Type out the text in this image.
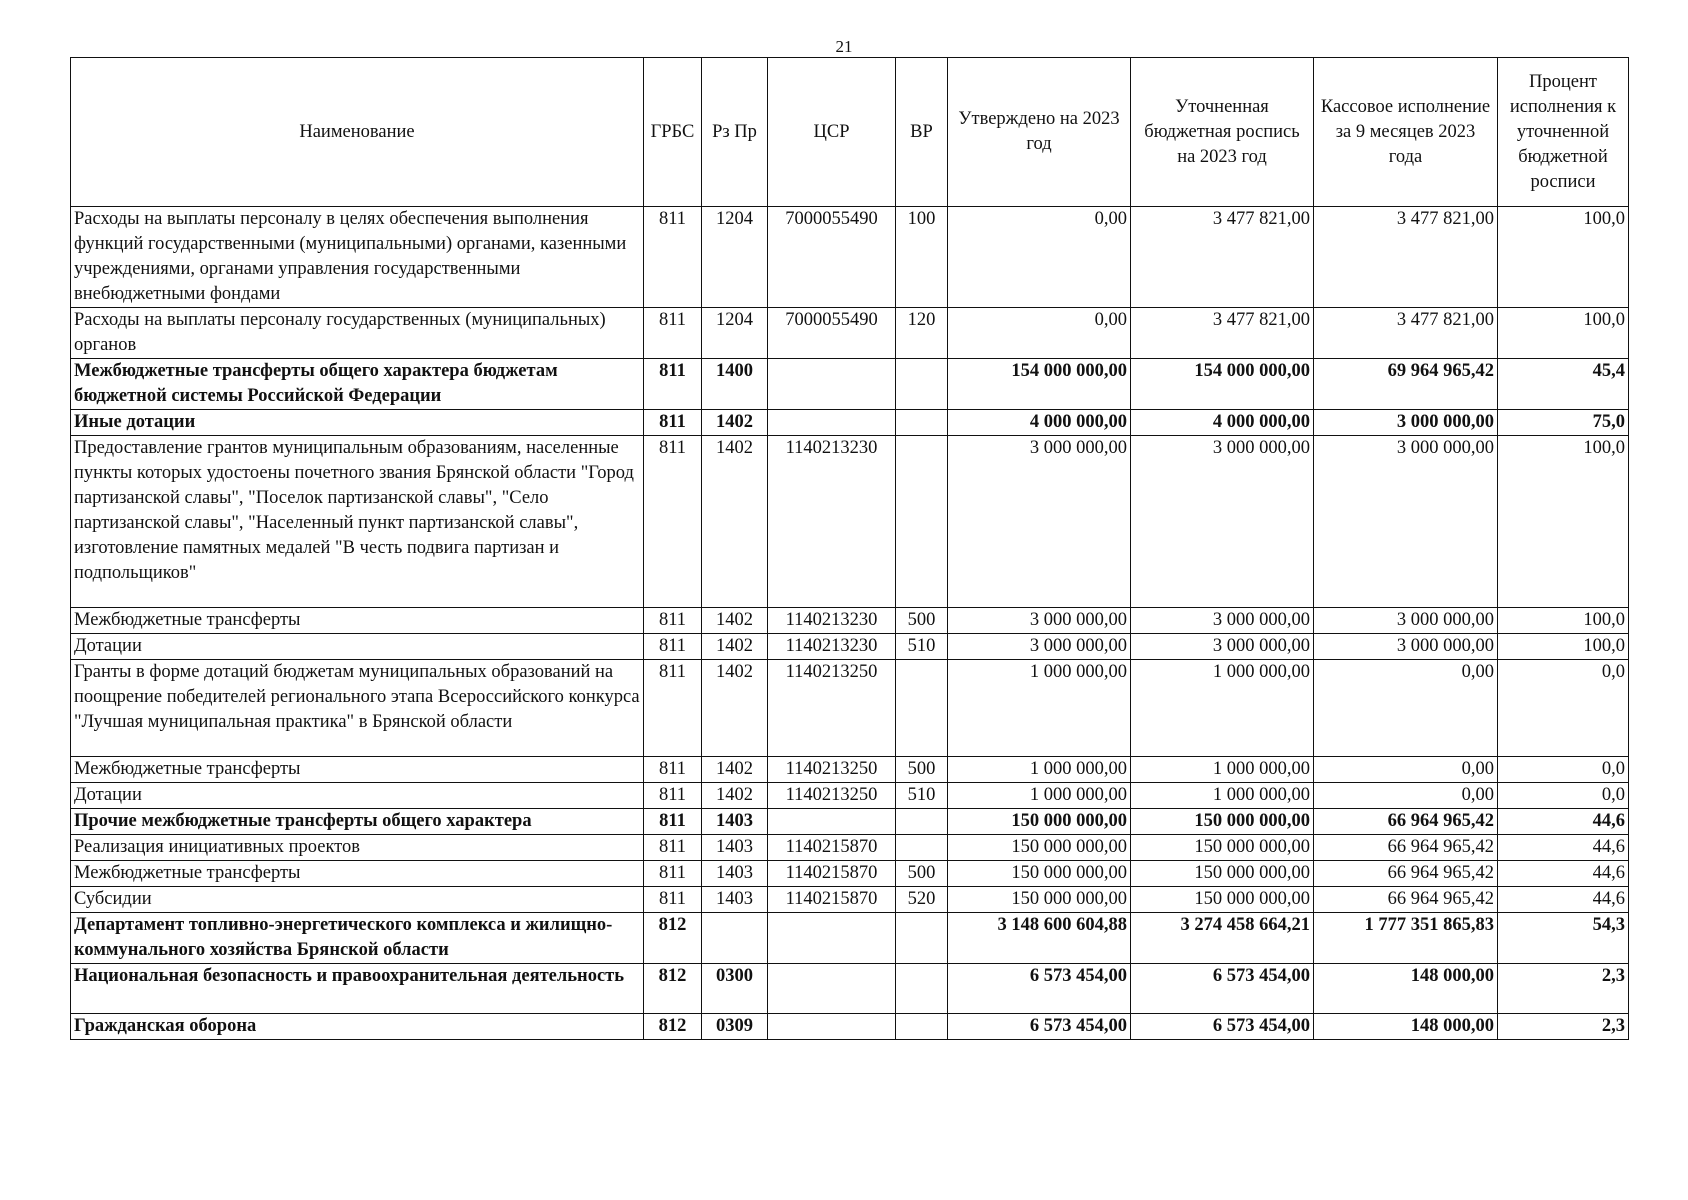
21
Наименование	ГРБС	Рз Пр	ЦСР	ВР	Утверждено на 2023 год	Уточненная бюджетная роспись на 2023 год	Кассовое исполнение за 9 месяцев 2023 года	Процент исполнения к уточненной бюджетной росписи
Расходы на выплаты персоналу в целях обеспечения выполнения функций государственными (муниципальными) органами, казенными учреждениями, органами управления государственными внебюджетными фондами	811	1204	7000055490	100	0,00	3 477 821,00	3 477 821,00	100,0
Расходы на выплаты персоналу государственных (муниципальных) органов	811	1204	7000055490	120	0,00	3 477 821,00	3 477 821,00	100,0
Межбюджетные трансферты общего характера бюджетам бюджетной системы Российской Федерации	811	1400			154 000 000,00	154 000 000,00	69 964 965,42	45,4
Иные дотации	811	1402			4 000 000,00	4 000 000,00	3 000 000,00	75,0
Предоставление грантов муниципальным образованиям, населенные пункты которых удостоены почетного звания Брянской области "Город партизанской славы", "Поселок партизанской славы", "Село партизанской славы", "Населенный пункт партизанской славы", изготовление памятных медалей "В честь подвига партизан и подпольщиков"	811	1402	1140213230		3 000 000,00	3 000 000,00	3 000 000,00	100,0
Межбюджетные трансферты	811	1402	1140213230	500	3 000 000,00	3 000 000,00	3 000 000,00	100,0
Дотации	811	1402	1140213230	510	3 000 000,00	3 000 000,00	3 000 000,00	100,0
Гранты в форме дотаций бюджетам муниципальных образований на поощрение победителей регионального этапа Всероссийского конкурса "Лучшая муниципальная практика" в Брянской области	811	1402	1140213250		1 000 000,00	1 000 000,00	0,00	0,0
Межбюджетные трансферты	811	1402	1140213250	500	1 000 000,00	1 000 000,00	0,00	0,0
Дотации	811	1402	1140213250	510	1 000 000,00	1 000 000,00	0,00	0,0
Прочие межбюджетные трансферты общего характера	811	1403			150 000 000,00	150 000 000,00	66 964 965,42	44,6
Реализация инициативных проектов	811	1403	1140215870		150 000 000,00	150 000 000,00	66 964 965,42	44,6
Межбюджетные трансферты	811	1403	1140215870	500	150 000 000,00	150 000 000,00	66 964 965,42	44,6
Субсидии	811	1403	1140215870	520	150 000 000,00	150 000 000,00	66 964 965,42	44,6
Департамент топливно-энергетического комплекса и жилищно-коммунального хозяйства Брянской области	812				3 148 600 604,88	3 274 458 664,21	1 777 351 865,83	54,3
Национальная безопасность и правоохранительная деятельность	812	0300			6 573 454,00	6 573 454,00	148 000,00	2,3
Гражданская оборона	812	0309			6 573 454,00	6 573 454,00	148 000,00	2,3
